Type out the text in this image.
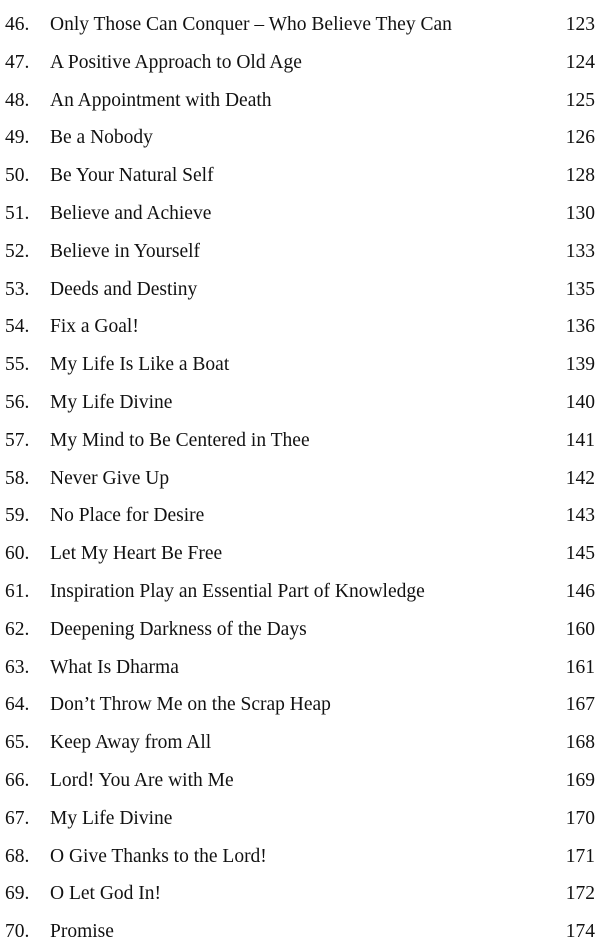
46. Only Those Can Conquer – Who Believe They Can	123
47. A Positive Approach to Old Age	124
48. An Appointment with Death	125
49. Be a Nobody	126
50. Be Your Natural Self	128
51. Believe and Achieve	130
52. Believe in Yourself	133
53. Deeds and Destiny	135
54. Fix a Goal!	136
55. My Life Is Like a Boat	139
56. My Life Divine	140
57. My Mind to Be Centered in Thee	141
58. Never Give Up	142
59. No Place for Desire	143
60. Let My Heart Be Free	145
61. Inspiration Play an Essential Part of Knowledge	146
62. Deepening Darkness of the Days	160
63. What Is Dharma	161
64. Don’t Throw Me on the Scrap Heap	167
65. Keep Away from All	168
66. Lord! You Are with Me	169
67. My Life Divine	170
68. O Give Thanks to the Lord!	171
69. O Let God In!	172
70. Promise	174
